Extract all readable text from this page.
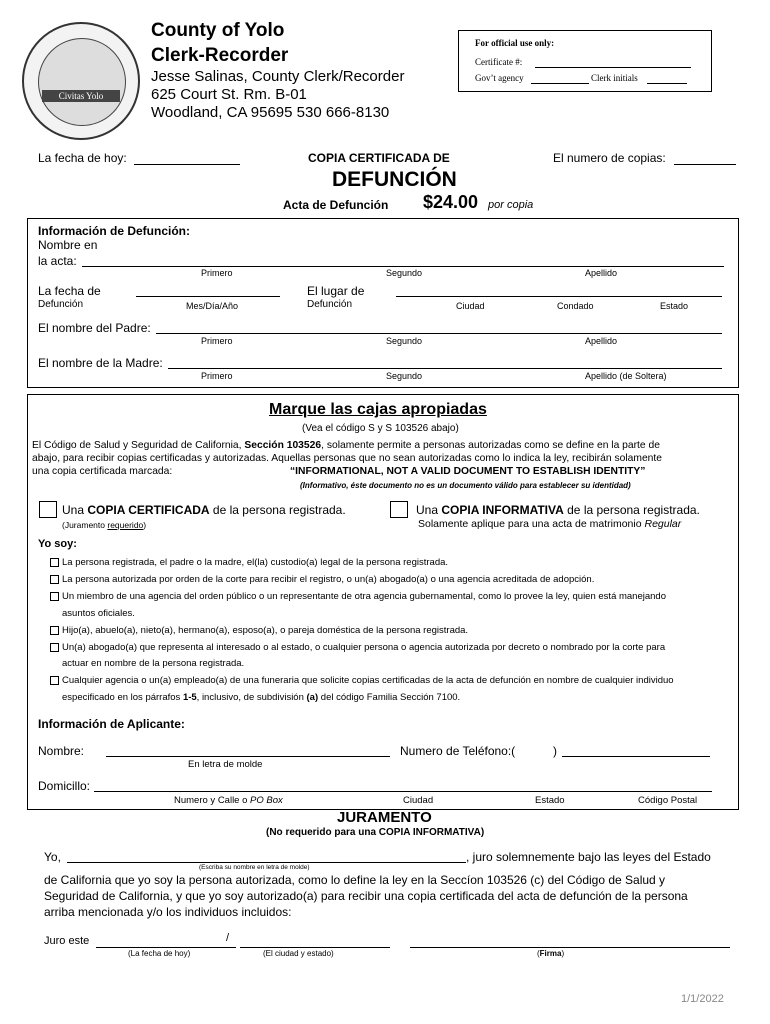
Civitas Yolo
County of Yolo
Clerk-Recorder
Jesse Salinas, County Clerk/Recorder
625 Court St. Rm. B-01
Woodland, CA 95695 530 666-8130
For official use only:
Certificate #:
Gov’t agency	Clerk initials
La fecha de hoy:	COPIA CERTIFICADA DE	El numero de copias:
DEFUNCIÓN
Acta de Defunción $24.00 por copia
Información de Defunción:
Nombre en
la acta:
Primero	Segundo	Apellido
La fecha de
Defunción	Mes/Día/Año
El lugar de
Defunción	Ciudad	Condado	Estado
El nombre del Padre:
Primero	Segundo	Apellido
El nombre de la Madre:
Primero	Segundo	Apellido (de Soltera)
Marque las cajas apropiadas
(Vea el código S y S 103526 abajo)
El Código de Salud y Seguridad de California, Sección 103526, solamente permite a personas autorizadas como se define en la parte de
abajo, para recibir copias certificadas y autorizadas. Aquellas personas que no sean autorizadas como lo indica la ley, recibirán solamente
una copia certificada marcada:	“INFORMATIONAL, NOT A VALID DOCUMENT TO ESTABLISH IDENTITY”
(Informativo, éste documento no es un documento válido para establecer su identidad)
Una COPIA CERTIFICADA de la persona registrada.
(Juramento requerido)
Una COPIA INFORMATIVA de la persona registrada.
Solamente aplique para una acta de matrimonio Regular
Yo soy:
La persona registrada, el padre o la madre, el(la) custodio(a) legal de la persona registrada.
La persona autorizada por orden de la corte para recibir el registro, o un(a) abogado(a) o una agencia acreditada de adopción.
Un miembro de una agencia del orden público o un representante de otra agencia gubernamental, como lo provee la ley, quien está manejando
asuntos oficiales.
Hijo(a), abuelo(a), nieto(a), hermano(a), esposo(a), o pareja doméstica de la persona registrada.
Un(a) abogado(a) que representa al interesado o al estado, o cualquier persona o agencia autorizada por decreto o nombrado por la corte para
actuar en nombre de la persona registrada.
Cualquier agencia o un(a) empleado(a) de una funeraria que solicite copias certificadas de la acta de defunción en nombre de cualquier individuo
especificado en los párrafos 1-5, inclusivo, de subdivisión (a) del código Familia Sección 7100.
Información de Aplicante:
Nombre:
En letra de molde
Numero de Teléfono:(	)
Domicillo:
Numero y Calle o PO Box	Ciudad	Estado	Código Postal
JURAMENTO
(No requerido para una COPIA INFORMATIVA)
Yo,	, juro solemnemente bajo las leyes del Estado
(Escriba su nombre en letra de molde)
de California que yo soy la persona autorizada, como lo define la ley en la Seccíon 103526 (c) del Código de Salud y
Seguridad de California, y que yo soy autorizado(a) para recibir una copia certificada del acta de defunción de la persona
arriba mencionada y/o los individuos incluidos:
Juro este	/
(La fecha de hoy)	(El ciudad y estado)	(Firma)
1/1/2022
